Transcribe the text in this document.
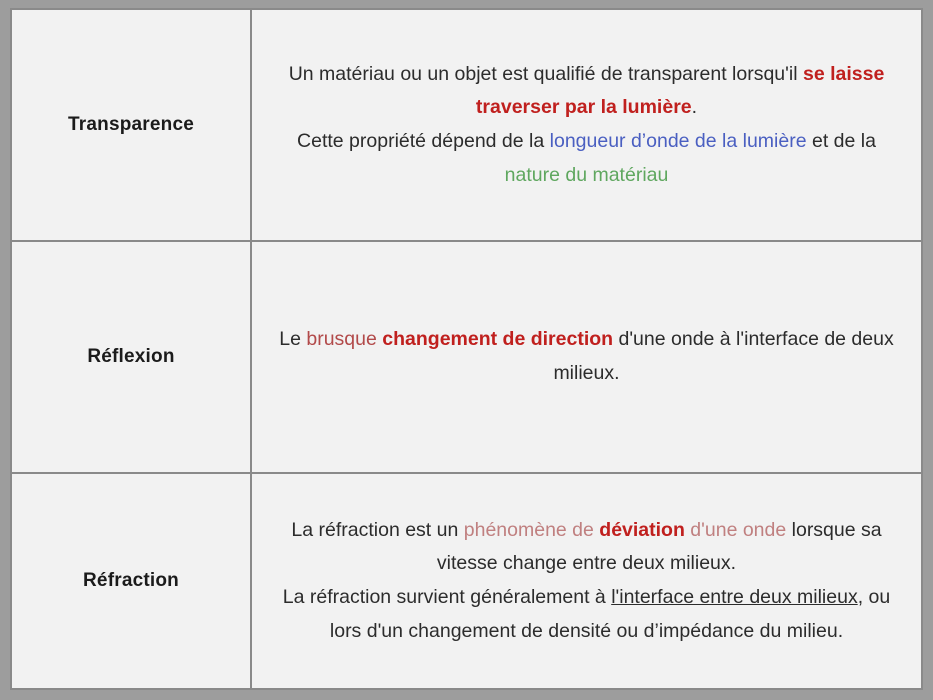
Transparence	Un matériau ou un objet est qualifié de transparent lorsqu'il se laisse traverser par la lumière.
Cette propriété dépend de la longueur d’onde de la lumière et de la nature du matériau

Réflexion	Le brusque changement de direction d'une onde à l'interface de deux milieux.

Réfraction	La réfraction est un phénomène de déviation d'une onde lorsque sa vitesse change entre deux milieux.
La réfraction survient généralement à l'interface entre deux milieux, ou lors d'un changement de densité ou d’impédance du milieu.
